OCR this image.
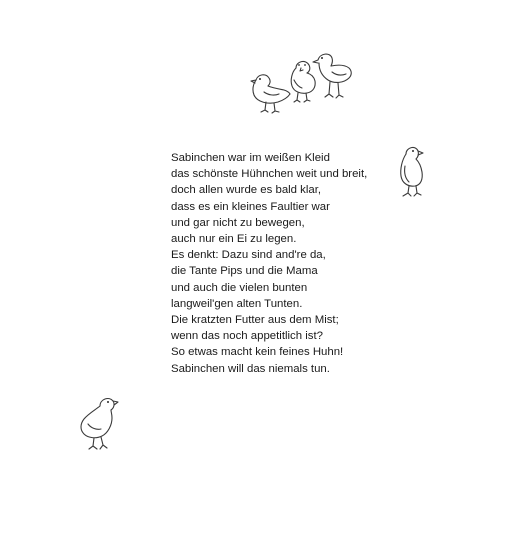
Sabinchen war im weißen Kleid
das schönste Hühnchen weit und breit,
doch allen wurde es bald klar,
dass es ein kleines Faultier war
und gar nicht zu bewegen,
auch nur ein Ei zu legen.
Es denkt: Dazu sind and're da,
die Tante Pips und die Mama
und auch die vielen bunten
langweil'gen alten Tunten.
Die kratzten Futter aus dem Mist;
wenn das noch appetitlich ist?
So etwas macht kein feines Huhn!
Sabinchen will das niemals tun.
